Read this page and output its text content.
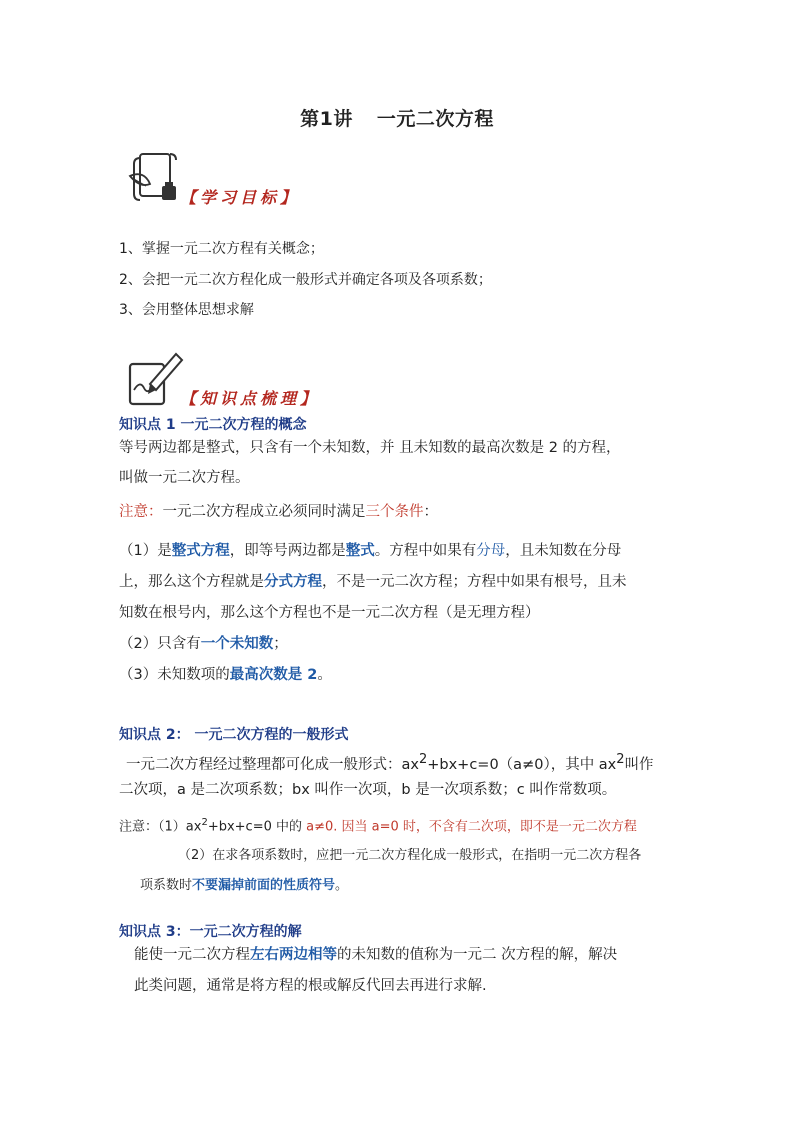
第1讲 一元二次方程
【学习目标】
1、掌握一元二次方程有关概念；
2、会把一元二次方程化成一般形式并确定各项及各项系数；
3、会用整体思想求解
【知识点梳理】
知识点 1 一元二次方程的概念
等号两边都是整式，只含有一个未知数，并 且未知数的最高次数是 2 的方程，
叫做一元二次方程。
注意：一元二次方程成立必须同时满足三个条件：
（1）是整式方程，即等号两边都是整式。方程中如果有分母，且未知数在分母
上，那么这个方程就是分式方程，不是一元二次方程；方程中如果有根号，且未
知数在根号内，那么这个方程也不是一元二次方程（是无理方程）
（2）只含有一个未知数；
（3）未知数项的最高次数是 2。
知识点 2： 一元二次方程的一般形式
一元二次方程经过整理都可化成一般形式：$ax^2+bx+c=0(a\ne 0)$，其中 $ax^2$叫作
二次项，a 是二次项系数；bx 叫作一次项，b 是一次项系数；c 叫作常数项。
注意：$(1)ax^2+bx+c=0$ 中的 a≠0. 因当 a=0 时，不含有二次项，即不是一元二次方程
（2）在求各项系数时，应把一元二次方程化成一般形式，在指明一元二次方程各
项系数时不要漏掉前面的性质符号。
知识点 3：一元二次方程的解
能使一元二次方程左右两边相等的未知数的值称为一元二 次方程的解，解决
此类问题，通常是将方程的根或解反代回去再进行求解.
